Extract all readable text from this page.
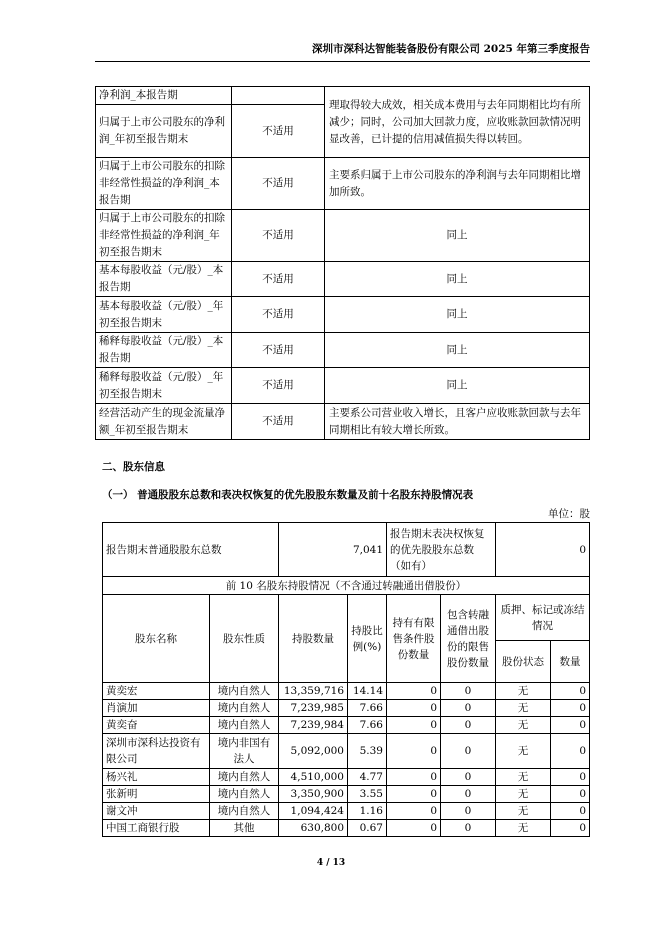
深圳市深科达智能装备股份有限公司 2025 年第三季度报告
净利润_本报告期		理取得较大成效，相关成本费用与去年同期相比均有所减少；同时，公司加大回款力度，应收账款回款情况明显改善，已计提的信用减值损失得以转回。
归属于上市公司股东的净利润_年初至报告期末	不适用	
归属于上市公司股东的扣除非经常性损益的净利润_本报告期	不适用	主要系归属于上市公司股东的净利润与去年同期相比增加所致。
归属于上市公司股东的扣除非经常性损益的净利润_年初至报告期末	不适用	同上
基本每股收益（元/股）_本报告期	不适用	同上
基本每股收益（元/股）_年初至报告期末	不适用	同上
稀释每股收益（元/股）_本报告期	不适用	同上
稀释每股收益（元/股）_年初至报告期末	不适用	同上
经营活动产生的现金流量净额_年初至报告期末	不适用	主要系公司营业收入增长，且客户应收账款回款与去年同期相比有较大增长所致。
二、股东信息
（一） 普通股股东总数和表决权恢复的优先股股东数量及前十名股东持股情况表
单位：股
报告期末普通股股东总数		7,041		报告期末表决权恢复的优先股股东总数（如有）		0	
前 10 名股东持股情况（不含通过转融通出借股份）							
股东名称	股东性质	持股数量	持股比例(%)	持有有限售条件股份数量	包含转融通借出股份的限售股份数量	质押、标记或冻结情况	
						股份状态	数量
黄奕宏	境内自然人	13,359,716	14.14	0	0	无	0
肖演加	境内自然人	7,239,985	7.66	0	0	无	0
黄奕奋	境内自然人	7,239,984	7.66	0	0	无	0
深圳市深科达投资有限公司	境内非国有法人	5,092,000	5.39	0	0	无	0
杨兴礼	境内自然人	4,510,000	4.77	0	0	无	0
张新明	境内自然人	3,350,900	3.55	0	0	无	0
谢文冲	境内自然人	1,094,424	1.16	0	0	无	0
中国工商银行股	其他	630,800	0.67	0	0	无	0
4 / 13
